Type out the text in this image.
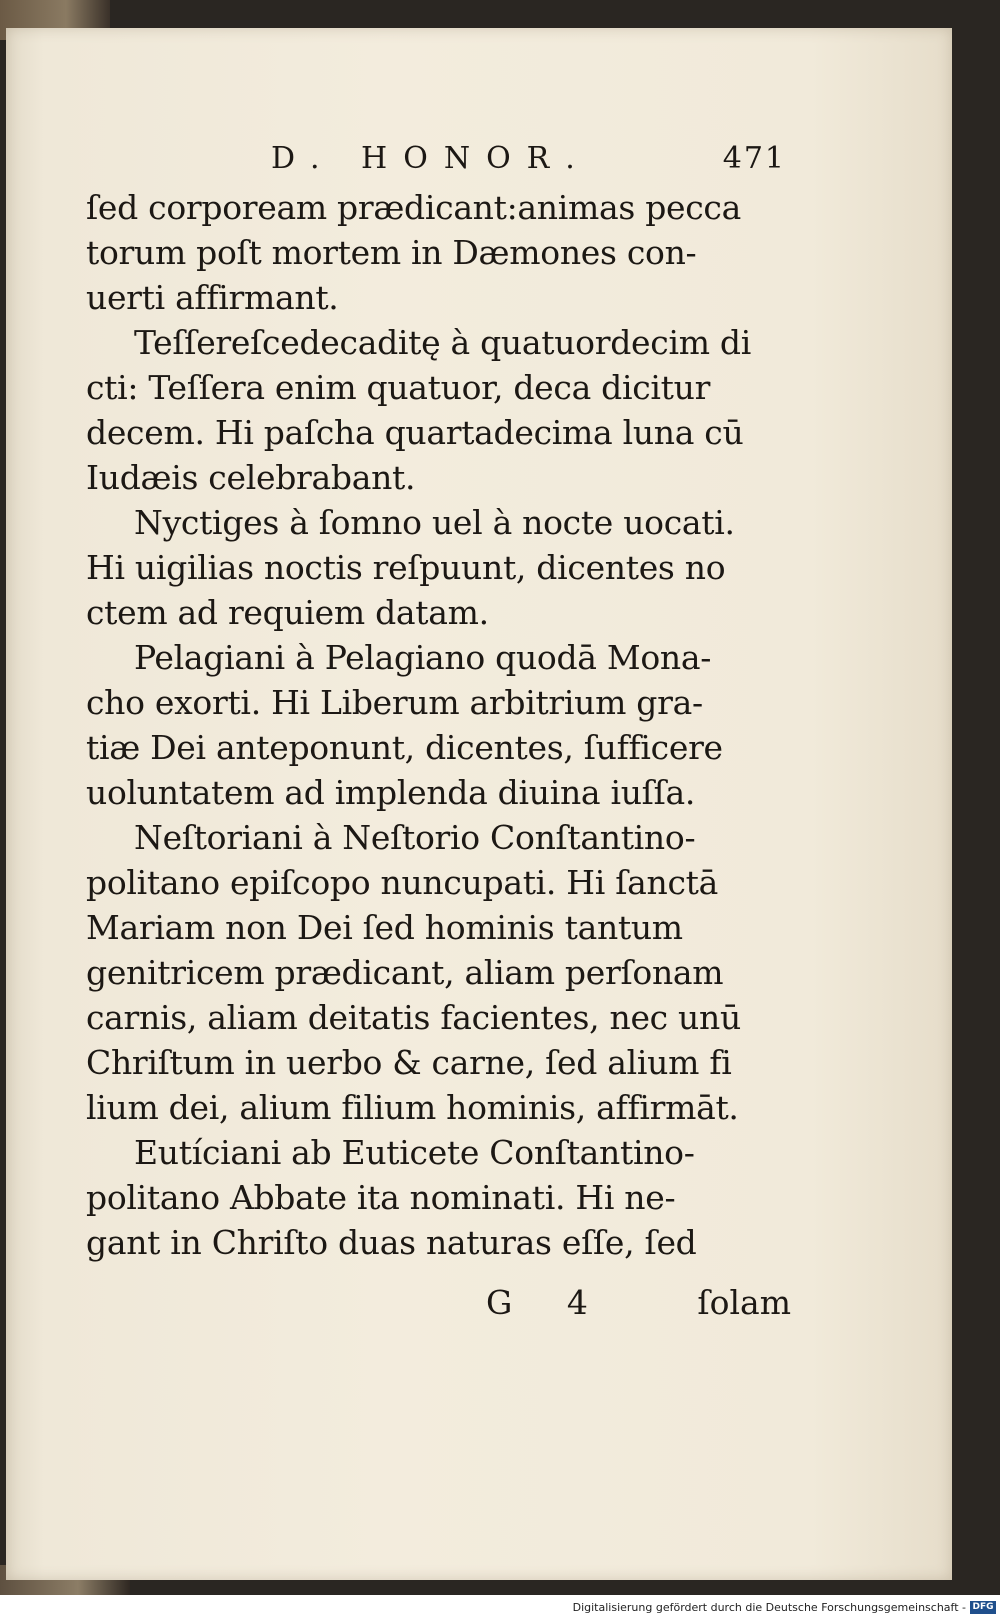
D. HONOR.	471
ſed corpoream prædicant:animas pecca
torum poſt mortem in Dæmones con-
uerti affirmant.
Teſſereſcedecaditę à quatuordecim di
cti: Teſſera enim quatuor, deca dicitur
decem. Hi paſcha quartadecima luna cū
Iudæis celebrabant.
Nyctiges à ſomno uel à nocte uocati.
Hi uigilias noctis reſpuunt, dicentes no
ctem ad requiem datam.
Pelagiani à Pelagiano quodā Mona-
cho exorti. Hi Liberum arbitrium gra-
tiæ Dei anteponunt, dicentes, ſufficere
uoluntatem ad implenda diuina iuſſa.
Neſtoriani à Neſtorio Conſtantino-
politano epiſcopo nuncupati. Hi ſanctā
Mariam non Dei ſed hominis tantum
genitricem prædicant, aliam perſonam
carnis, aliam deitatis facientes, nec unū
Chriſtum in uerbo & carne, ſed alium fi
lium dei, alium filium hominis, affirmāt.
Eutíciani ab Euticete Conſtantino-
politano Abbate ita nominati. Hi ne-
gant in Chriſto duas naturas eſſe, ſed
G 4	ſolam
Digitalisierung gefördert durch die Deutsche Forschungsgemeinschaft - DFG
